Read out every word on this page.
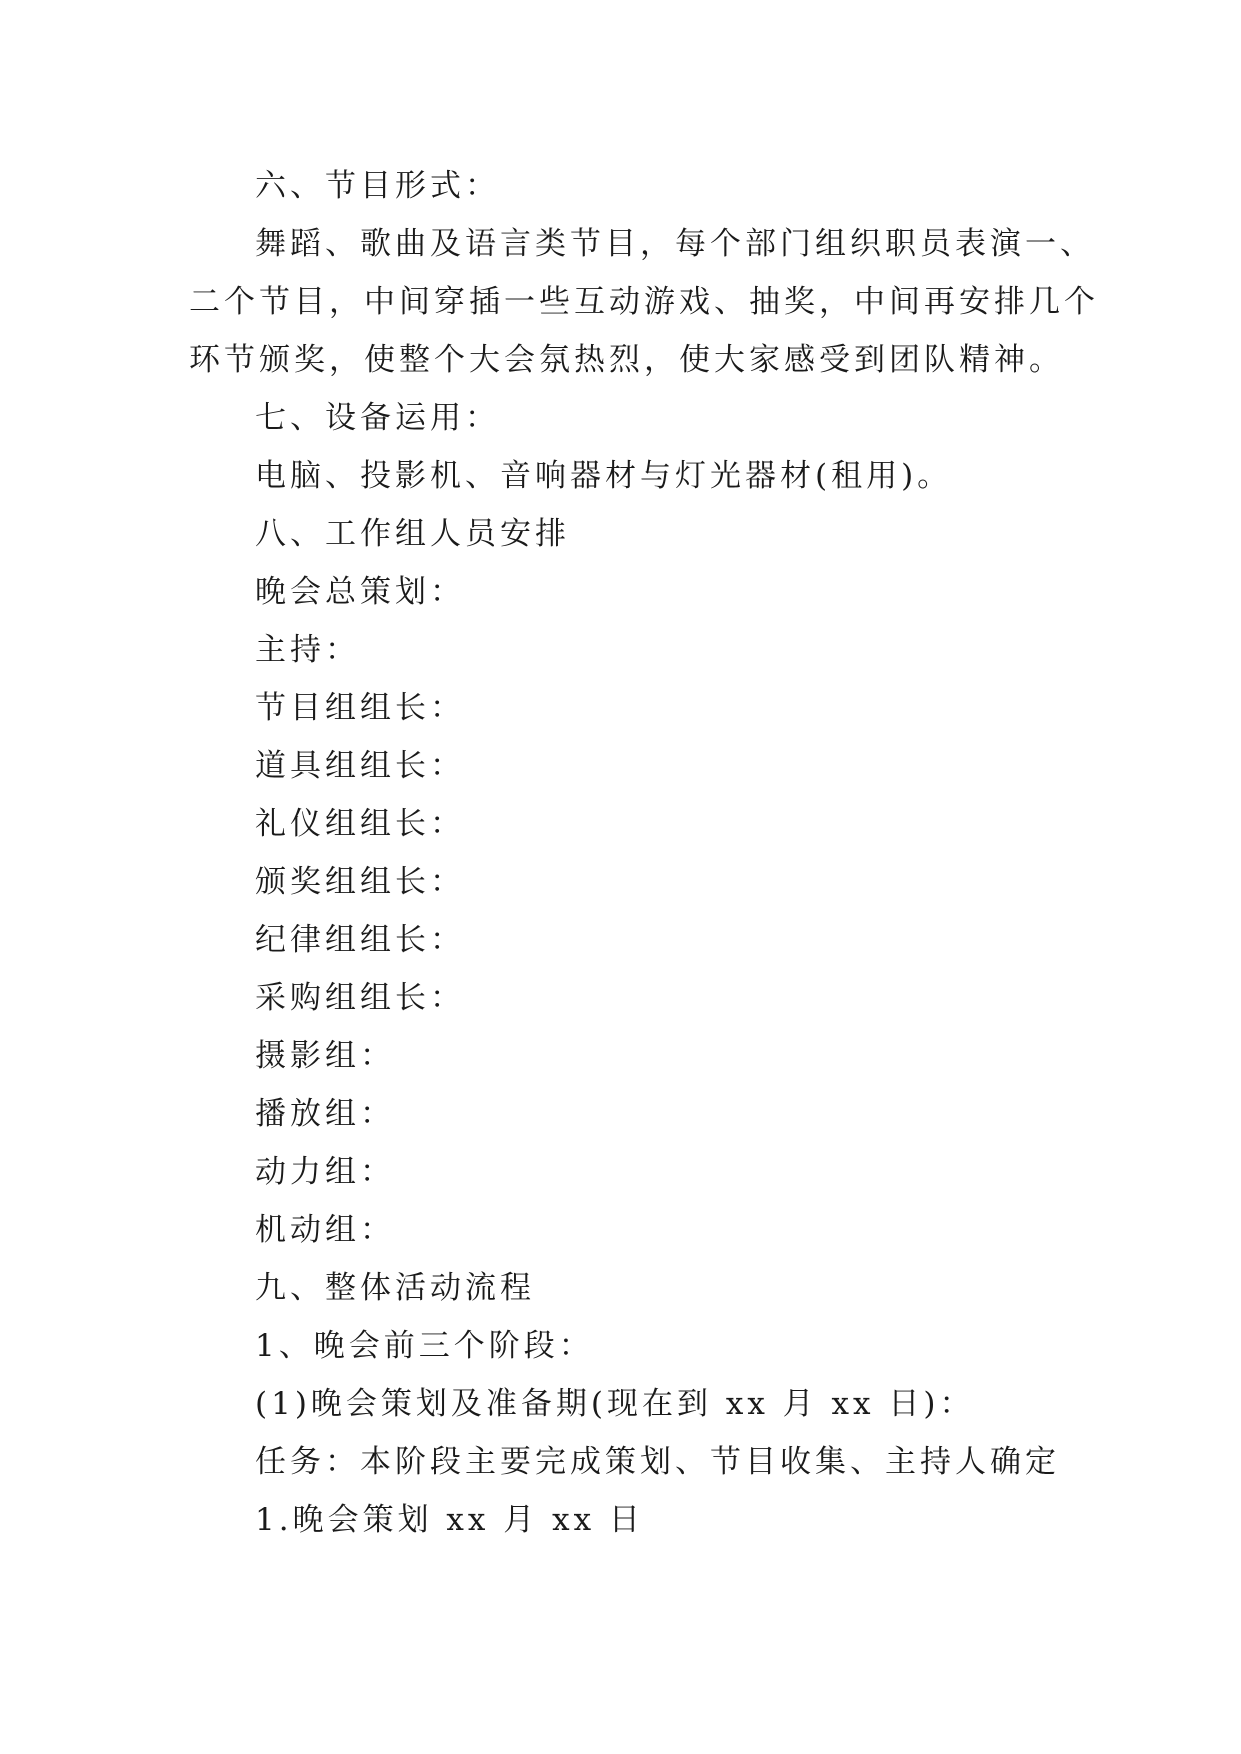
六、节目形式：
舞蹈、歌曲及语言类节目，每个部门组织职员表演一、
二个节目，中间穿插一些互动游戏、抽奖，中间再安排几个
环节颁奖，使整个大会氛热烈，使大家感受到团队精神。
七、设备运用：
电脑、投影机、音响器材与灯光器材(租用)。
八、工作组人员安排
晚会总策划：
主持：
节目组组长：
道具组组长：
礼仪组组长：
颁奖组组长：
纪律组组长：
采购组组长：
摄影组：
播放组：
动力组：
机动组：
九、整体活动流程
1、晚会前三个阶段：
(1)晚会策划及准备期(现在到 xx 月 xx 日)：
任务：本阶段主要完成策划、节目收集、主持人确定
1.晚会策划 xx 月 xx 日
